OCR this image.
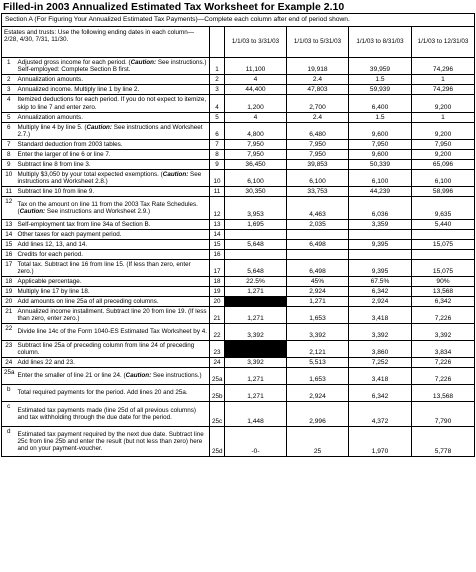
Filled-in 2003 Annualized Estimated Tax Worksheet for Example 2.10
Section A (For Figuring Your Annualized Estimated Tax Payments)—Complete each column after end of period shown.						
Estates and trusts: Use the following ending dates in each column—2/28, 4/30, 7/31, 11/30.			1/1/03 to 3/31/03	1/1/03 to 5/31/03	1/1/03 to 8/31/03	1/1/03 to 12/31/03
1	Adjusted gross income for each period. (Caution: See instructions.) Self-employed: Complete Section B first.	1	11,100	19,918	39,959	74,296
2	Annualization amounts.	2	4	2.4	1.5	1
3	Annualized income. Multiply line 1 by line 2.	3	44,400	47,803	59,939	74,296
4	Itemized deductions for each period. If you do not expect to itemize, skip to line 7 and enter zero.	4	1,200	2,700	6,400	9,200
5	Annualization amounts.	5	4	2.4	1.5	1
6	Multiply line 4 by line 5. (Caution: See instructions and Worksheet 2.7.)	6	4,800	6,480	9,600	9,200
7	Standard deduction from 2003 tables.	7	7,950	7,950	7,950	7,950
8	Enter the larger of line 6 or line 7.	8	7,950	7,950	9,600	9,200
9	Subtract line 8 from line 3.	9	36,450	39,853	50,339	65,096
10	Multiply $3,050 by your total expected exemptions. (Caution: See instructions and Worksheet 2.8.)	10	6,100	6,100	6,100	6,100
11	Subtract line 10 from line 9.	11	30,350	33,753	44,239	58,996
12	Tax on the amount on line 11 from the 2003 Tax Rate Schedules. (Caution: See instructions and Worksheet 2.9.)	12	3,953	4,463	6,036	9,635
13	Self-employment tax from line 34a of Section B.	13	1,695	2,035	3,359	5,440
14	Other taxes for each payment period.	14				
15	Add lines 12, 13, and 14.	15	5,648	6,498	9,395	15,075
16	Credits for each period.	16				
17	Total tax. Subtract line 16 from line 15. (If less than zero, enter zero.)	17	5,648	6,498	9,395	15,075
18	Applicable percentage.	18	22.5%	45%	67.5%	90%
19	Multiply line 17 by line 18.	19	1,271	2,924	6,342	13,568
20	Add amounts on line 25a of all preceding columns.	20		1,271	2,924	6,342
21	Annualized income installment. Subtract line 20 from line 19. (If less than zero, enter zero.)	21	1,271	1,653	3,418	7,226
22	Divide line 14c of the Form 1040-ES Estimated Tax Worksheet by 4.	22	3,392	3,392	3,392	3,392
23	Subtract line 25a of preceding column from line 24 of preceding column.	23		2,121	3,860	3,834
24	Add lines 22 and 23.	24	3,392	5,513	7,252	7,226
25a	Enter the smaller of line 21 or line 24. (Caution: See instructions.)	25a	1,271	1,653	3,418	7,226
b	Total required payments for the period. Add lines 20 and 25a.	25b	1,271	2,924	6,342	13,568
c	Estimated tax payments made (line 25d of all previous columns) and tax withholding through the due date for the period.	25c	1,448	2,996	4,372	7,790
d	Estimated tax payment required by the next due date. Subtract line 25c from line 25b and enter the result (but not less than zero) here and on your payment-voucher.	25d	-0-	25	1,970	5,778
